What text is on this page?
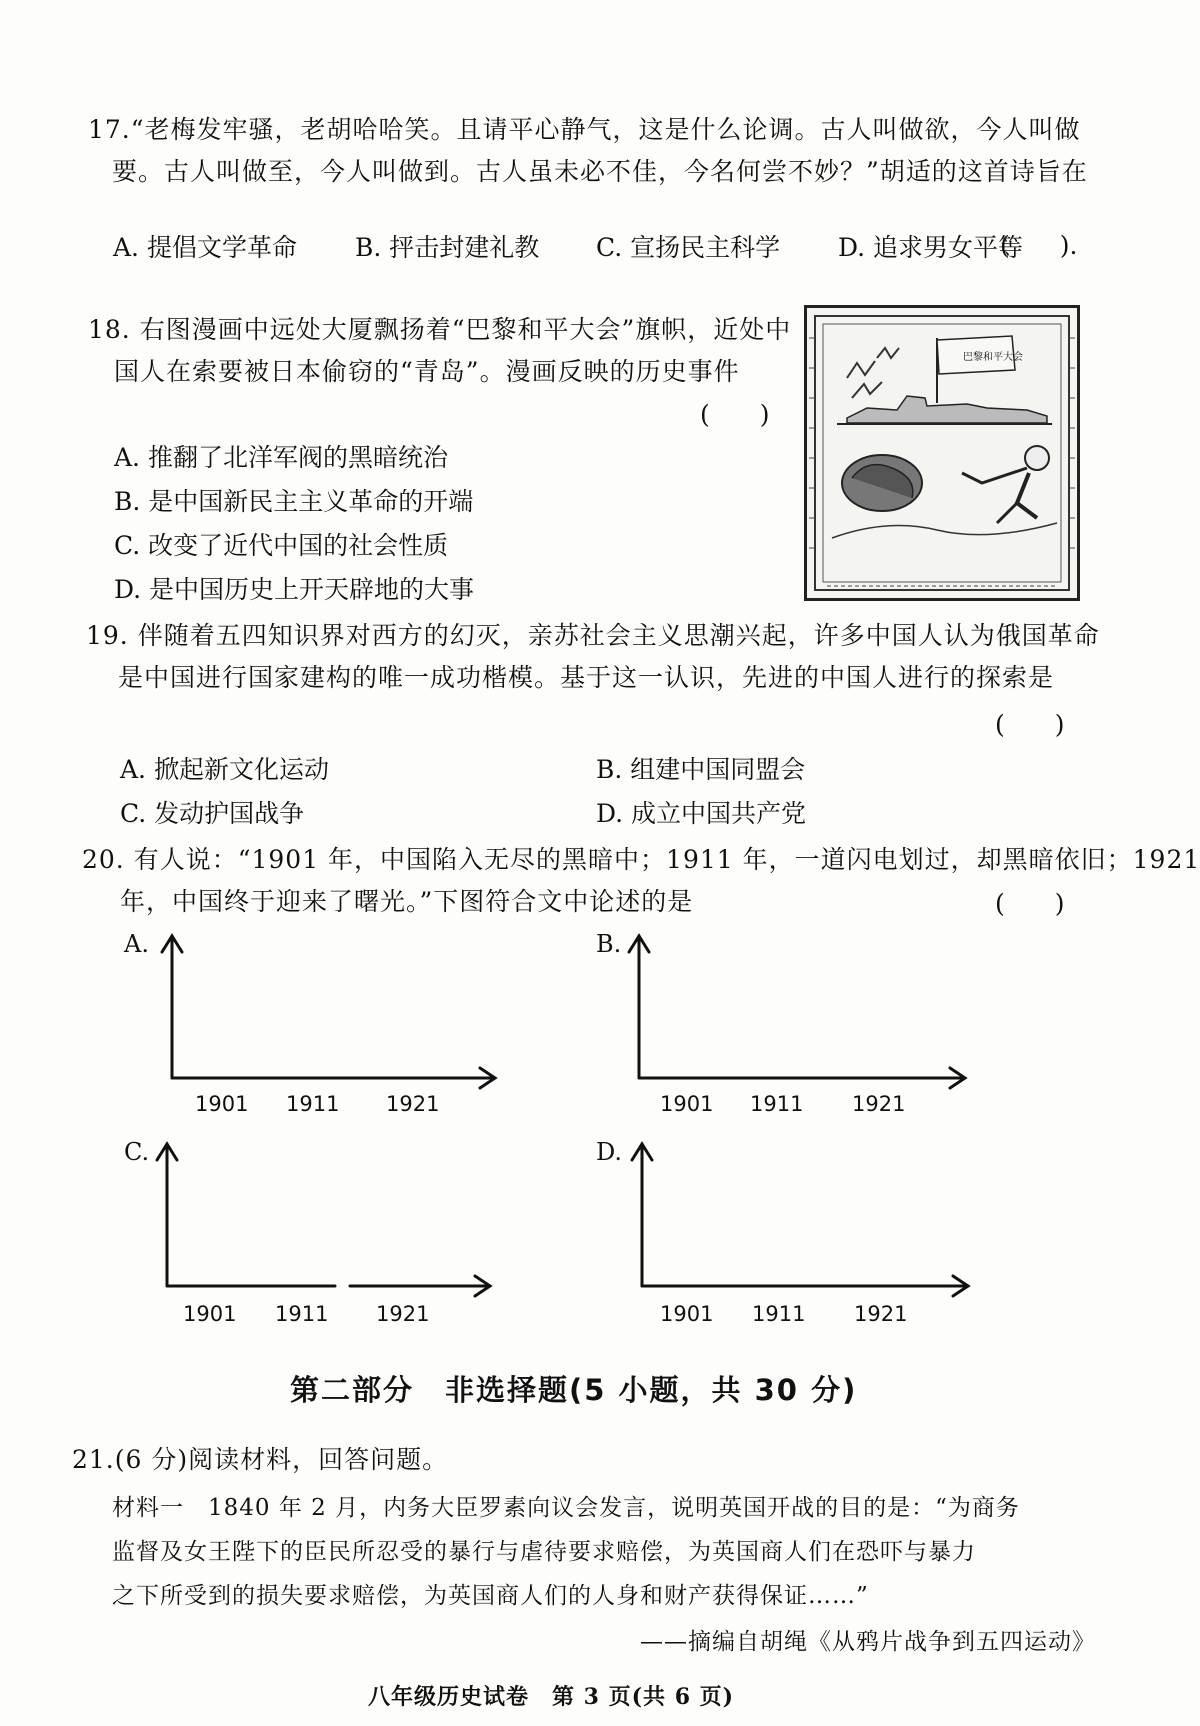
17.“老梅发牢骚，老胡哈哈笑。且请平心静气，这是什么论调。古人叫做欲，今人叫做
要。古人叫做至，今人叫做到。古人虽未必不佳，今名何尝不妙？”胡适的这首诗旨在
(　　).
A. 提倡文学革命 B. 抨击封建礼教 C. 宣扬民主科学 D. 追求男女平等
18. 右图漫画中远处大厦飘扬着“巴黎和平大会”旗帜，近处中
国人在索要被日本偷窃的“青岛”。漫画反映的历史事件
(　　)
A. 推翻了北洋军阀的黑暗统治
B. 是中国新民主主义革命的开端
C. 改变了近代中国的社会性质
D. 是中国历史上开天辟地的大事
巴黎和平大会
19. 伴随着五四知识界对西方的幻灭，亲苏社会主义思潮兴起，许多中国人认为俄国革命
是中国进行国家建构的唯一成功楷模。基于这一认识，先进的中国人进行的探索是
(　　)
A. 掀起新文化运动	B. 组建中国同盟会
C. 发动护国战争	D. 成立中国共产党
20. 有人说：“1901 年，中国陷入无尽的黑暗中；1911 年，一道闪电划过，却黑暗依旧；1921
年，中国终于迎来了曙光。”下图符合文中论述的是	(　　)
A.
1901 1911 1921
B.
1901 1911 1921
C.
1901 1911 1921
D.
1901 1911 1921
第二部分　非选择题(5 小题，共 30 分)
21.(6 分)阅读材料，回答问题。
材料一　1840 年 2 月，内务大臣罗素向议会发言，说明英国开战的目的是：“为商务
监督及女王陛下的臣民所忍受的暴行与虐待要求赔偿，为英国商人们在恐吓与暴力
之下所受到的损失要求赔偿，为英国商人们的人身和财产获得保证……”
——摘编自胡绳《从鸦片战争到五四运动》
八年级历史试卷　第 3 页(共 6 页)
